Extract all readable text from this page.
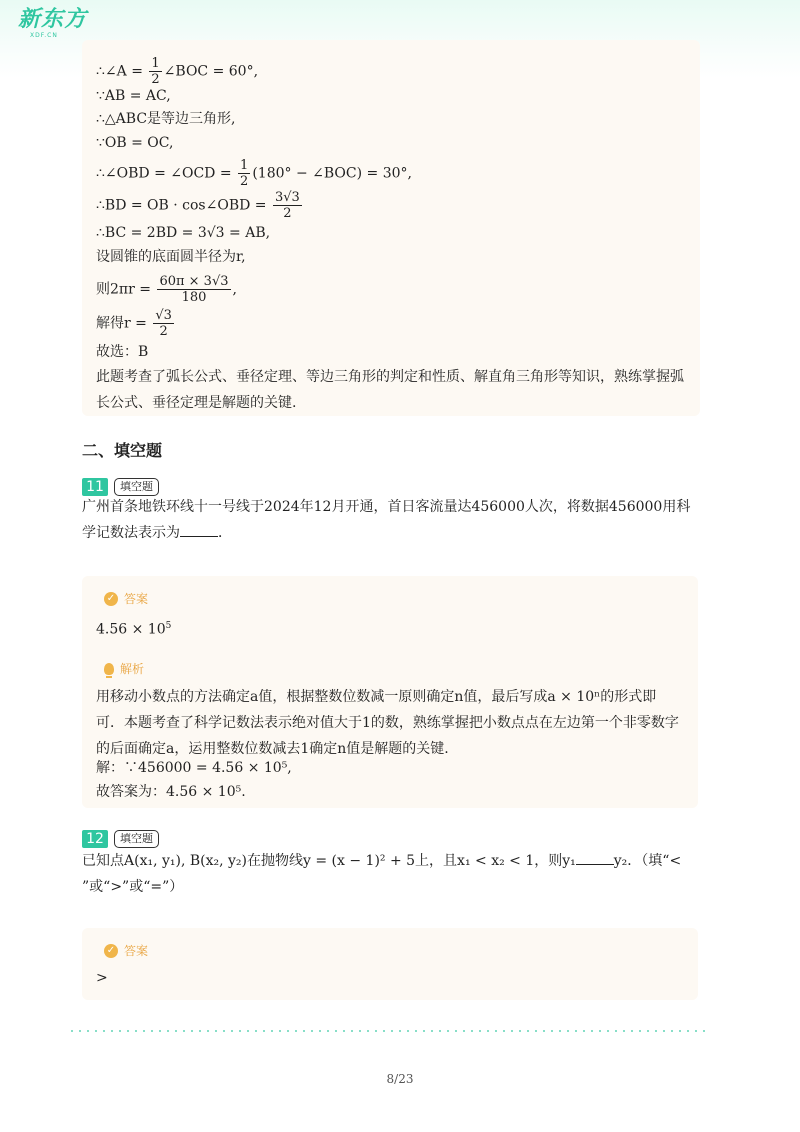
新东方
XDF.CN
∴∠A = $\frac{1}{2}$ ∠BOC = 60°,
∵AB = AC,
∴△ABC是等边三角形,
∵OB = OC,
∴∠OBD = ∠OCD = $\frac{1}{2} (180^\circ$ − ∠BOC) = 30°,
∴BD = OB · cos∠OBD = $\frac{3√3}{2}$
∴BC = 2BD = 3√3 = AB,
设圆锥的底面圆半径为r,
则$2\pi r = \frac{60\pi \times 3√3}{180}$ ,
解得$r = \frac{√3}{2}$
故选：B
此题考查了弧长公式、垂径定理、等边三角形的判定和性质、解直角三角形等知识，熟练掌握弧长公式、垂径定理是解题的关键.
二、填空题
11	填空题
广州首条地铁环线十一号线于2024年12月开通，首日客流量达456000人次，将数据456000用科学记数法表示为	．
✓ 答案
$4.56 \times 10^5$
解析
用移动小数点的方法确定a值，根据整数位数减一原则确定n值，最后写成a × 10ⁿ的形式即可．本题考查了科学记数法表示绝对值大于1的数，熟练掌握把小数点点在左边第一个非零数字的后面确定a，运用整数位数减去1确定n值是解题的关键.
解：∵456000 = 4.56 × 10⁵,
故答案为：4.56 × 10⁵.
12	填空题
已知点A(x₁, y₁), B(x₂, y₂)在抛物线y = (x − 1)² + 5上，且x₁ < x₂ < 1，则y₁	y₂．（填“<
”或“>”或“=”）
✓ 答案
>
8/23
